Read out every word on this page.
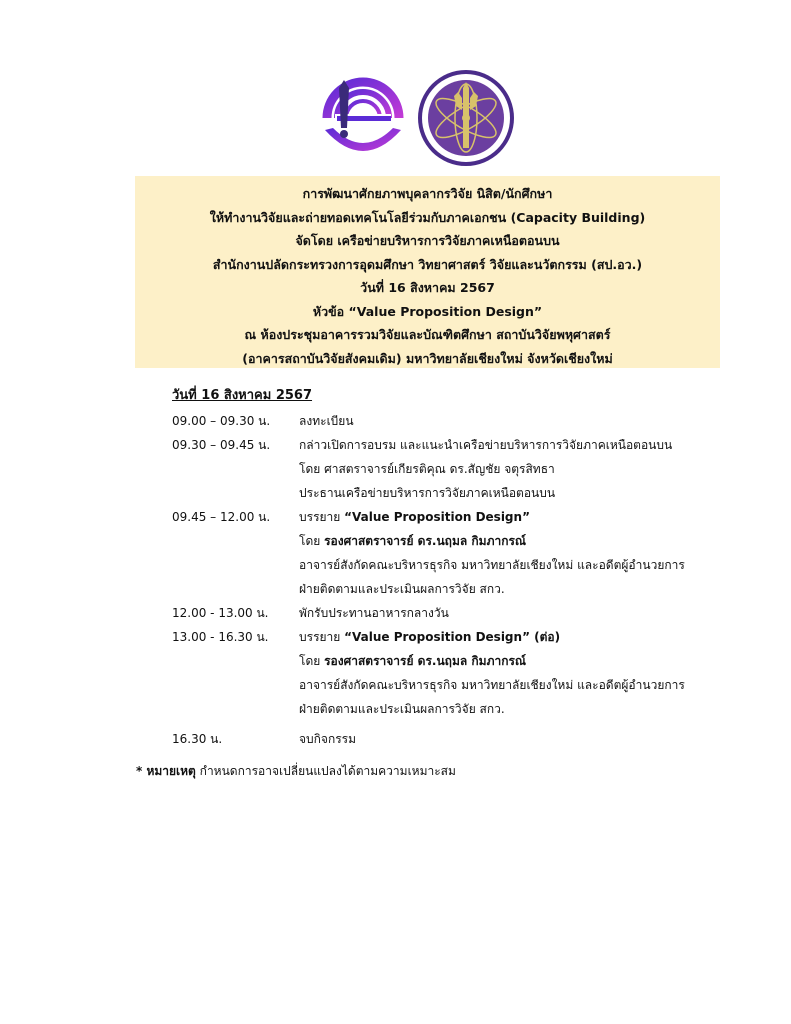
การพัฒนาศักยภาพบุคลากรวิจัย นิสิต/นักศึกษา
ให้ทำงานวิจัยและถ่ายทอดเทคโนโลยีร่วมกับภาคเอกชน (Capacity Building)
จัดโดย เครือข่ายบริหารการวิจัยภาคเหนือตอนบน
สำนักงานปลัดกระทรวงการอุดมศึกษา วิทยาศาสตร์ วิจัยและนวัตกรรม (สป.อว.)
วันที่ 16 สิงหาคม 2567
หัวข้อ “Value Proposition Design”
ณ ห้องประชุมอาคารรวมวิจัยและบัณฑิตศึกษา สถาบันวิจัยพหุศาสตร์
(อาคารสถาบันวิจัยสังคมเดิม) มหาวิทยาลัยเชียงใหม่ จังหวัดเชียงใหม่
วันที่ 16 สิงหาคม 2567
09.00 – 09.30 น. ลงทะเบียน
09.30 – 09.45 น. กล่าวเปิดการอบรม และแนะนำเครือข่ายบริหารการวิจัยภาคเหนือตอนบน
โดย ศาสตราจารย์เกียรติคุณ ดร.สัญชัย จตุรสิทธา
ประธานเครือข่ายบริหารการวิจัยภาคเหนือตอนบน
09.45 – 12.00 น. บรรยาย “Value Proposition Design”
โดย รองศาสตราจารย์ ดร.นฤมล กิมภากรณ์
อาจารย์สังกัดคณะบริหารธุรกิจ มหาวิทยาลัยเชียงใหม่ และอดีตผู้อำนวยการ
ฝ่ายติดตามและประเมินผลการวิจัย สกว.
12.00 - 13.00 น.	พักรับประทานอาหารกลางวัน
13.00 - 16.30 น.	บรรยาย “Value Proposition Design” (ต่อ)
โดย รองศาสตราจารย์ ดร.นฤมล กิมภากรณ์
อาจารย์สังกัดคณะบริหารธุรกิจ มหาวิทยาลัยเชียงใหม่ และอดีตผู้อำนวยการ
ฝ่ายติดตามและประเมินผลการวิจัย สกว.
16.30 น.	จบกิจกรรม
* หมายเหตุ กำหนดการอาจเปลี่ยนแปลงได้ตามความเหมาะสม
